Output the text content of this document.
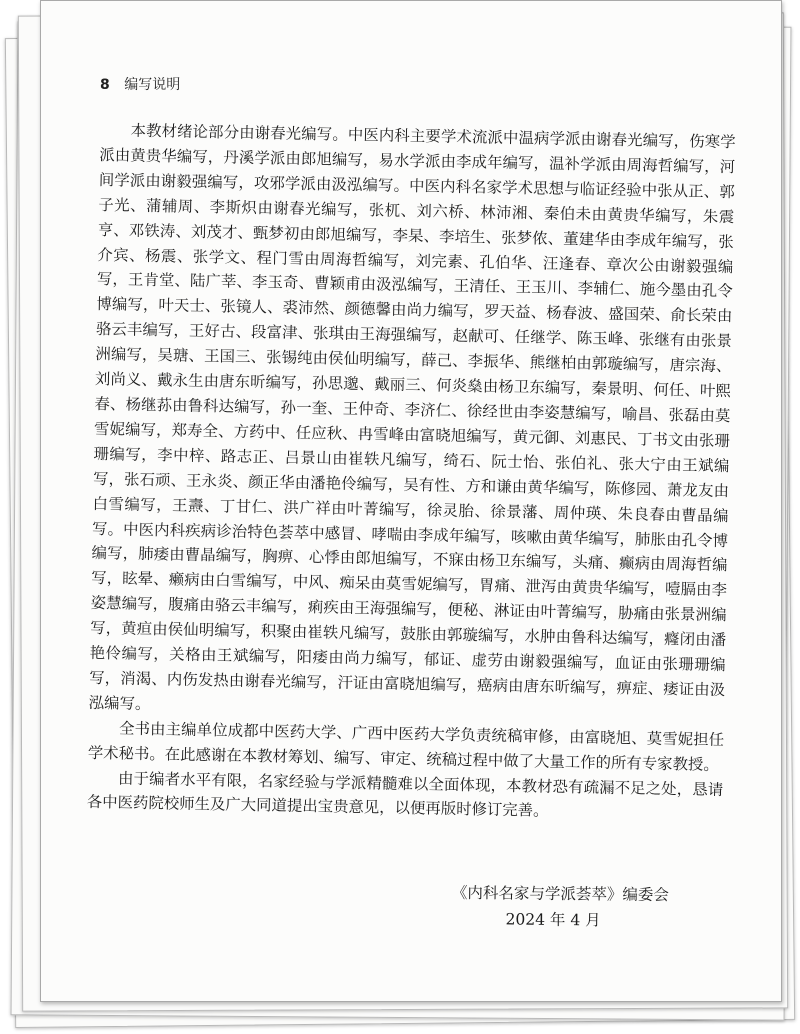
8 编写说明

本教材绪论部分由谢春光编写。中医内科主要学术流派中温病学派由谢春光编写，伤寒学派由黄贵华编写，丹溪学派由郎旭编写，易水学派由李成年编写，温补学派由周海哲编写，河间学派由谢毅强编写，攻邪学派由汲泓编写。中医内科名家学术思想与临证经验中张从正、郭子光、蒲辅周、李斯炽由谢春光编写，张杌、刘六桥、林沛湘、秦伯未由黄贵华编写，朱震亨、邓铁涛、刘茂才、甄梦初由郎旭编写，李杲、李培生、张梦侬、董建华由李成年编写，张介宾、杨震、张学文、程门雪由周海哲编写，刘完素、孔伯华、汪逢春、章次公由谢毅强编写，王肯堂、陆广莘、李玉奇、曹颖甫由汲泓编写，王清任、王玉川、李辅仁、施今墨由孔令博编写，叶天士、张镜人、裘沛然、颜德馨由尚力编写，罗天益、杨春波、盛国荣、俞长荣由骆云丰编写，王好古、段富津、张琪由王海强编写，赵献可、任继学、陈玉峰、张继有由张景洲编写，吴瑭、王国三、张锡纯由侯仙明编写，薛己、李振华、熊继柏由郭璇编写，唐宗海、刘尚义、戴永生由唐东昕编写，孙思邈、戴丽三、何炎燊由杨卫东编写，秦景明、何任、叶熙春、杨继荪由鲁科达编写，孙一奎、王仲奇、李济仁、徐经世由李姿慧编写，喻昌、张磊由莫雪妮编写，郑寿全、方药中、任应秋、冉雪峰由富晓旭编写，黄元御、刘惠民、丁书文由张珊珊编写，李中梓、路志正、吕景山由崔轶凡编写，绮石、阮士怡、张伯礼、张大宁由王斌编写，张石顽、王永炎、颜正华由潘艳伶编写，吴有性、方和谦由黄华编写，陈修园、萧龙友由白雪编写，王燾、丁甘仁、洪广祥由叶菁编写，徐灵胎、徐景藩、周仲瑛、朱良春由曹晶编写。中医内科疾病诊治特色荟萃中感冒、哮喘由李成年编写，咳嗽由黄华编写，肺胀由孔令博编写，肺痿由曹晶编写，胸痹、心悸由郎旭编写，不寐由杨卫东编写，头痛、癫病由周海哲编写，眩晕、癞病由白雪编写，中风、痴呆由莫雪妮编写，胃痛、泄泻由黄贵华编写，噎膈由李姿慧编写，腹痛由骆云丰编写，痢疾由王海强编写，便秘、淋证由叶菁编写，胁痛由张景洲编写，黄疸由侯仙明编写，积聚由崔轶凡编写，鼓胀由郭璇编写，水肿由鲁科达编写，癃闭由潘艳伶编写，关格由王斌编写，阳痿由尚力编写，郁证、虚劳由谢毅强编写，血证由张珊珊编写，消渴、内伤发热由谢春光编写，汗证由富晓旭编写，癌病由唐东昕编写，痹症、痿证由汲泓编写。

全书由主编单位成都中医药大学、广西中医药大学负责统稿审修，由富晓旭、莫雪妮担任学术秘书。在此感谢在本教材筹划、编写、审定、统稿过程中做了大量工作的所有专家教授。

由于编者水平有限，名家经验与学派精髓难以全面体现，本教材恐有疏漏不足之处，恳请各中医药院校师生及广大同道提出宝贵意见，以便再版时修订完善。

《内科名家与学派荟萃》编委会
2024 年 4 月
